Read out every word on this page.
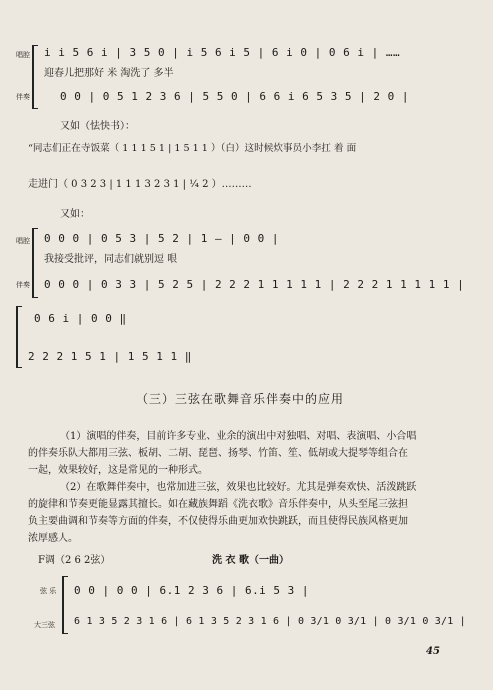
唱腔 i i 5 6 i | 3 5 0 | i 5 6 i 5 | 6 i 0 | 0 6 i | ……
迎春儿把那好 米 淘洗了 多半
伴奏	0 0 | 0 5 1 2 3 6 | 5 5 0 | 6 6 i 6 5 3 5 | 2 0 |
又如（怯快书）：
“同志们正在寺饭菜（ 1 1 1 5 1 | 1 5 1 1 ）（白）这时候炊事员小李扛 着 面
走进门（ 0 3 2 3 | 1 1 1 3 2 3 1 | ¹⁄₄ 2 ）………
又如：
唱腔 0 0 0 | 0 5 3 | 5 2 | 1 — | 0 0 |
我接受批评，同志们就别逗 哏
伴奏 0 0 0 | 0 3 3 | 5 2 5 | 2 2 2 1 1 1 1 1 | 2 2 2 1 1 1 1 1 |
0 6 i | 0 0 ‖
2 2 2 1 5 1 | 1 5 1 1 ‖
（三）三弦在歌舞音乐伴奏中的应用
（1）演唱的伴奏，目前许多专业、业余的演出中对独唱、对唱、表演唱、小合唱
的伴奏乐队大都用三弦、板胡、二胡、琵琶、扬琴、竹笛、笙、低胡或大提琴等组合在
一起，效果较好，这是常见的一种形式。
（2）在歌舞伴奏中，也常加进三弦，效果也比较好。尤其是弹奏欢快、活泼跳跃
的旋律和节奏更能显露其擅长。如在藏族舞蹈《洗衣歌》音乐伴奏中，从头至尾三弦担
负主要曲调和节奏等方面的伴奏，不仅使得乐曲更加欢快跳跃，而且使得民族风格更加
浓厚感人。
F调（2 6 2弦）	洗 衣 歌（一曲）
弦 乐 0 0 | 0 0 | 6.1 2 3 6 | 6.i 5 3 |
大三弦 6 1 3 5 2 3 1 6 | 6 1 3 5 2 3 1 6 | 0 3/1 0 3/1 | 0 3/1 0 3/1 |
45
